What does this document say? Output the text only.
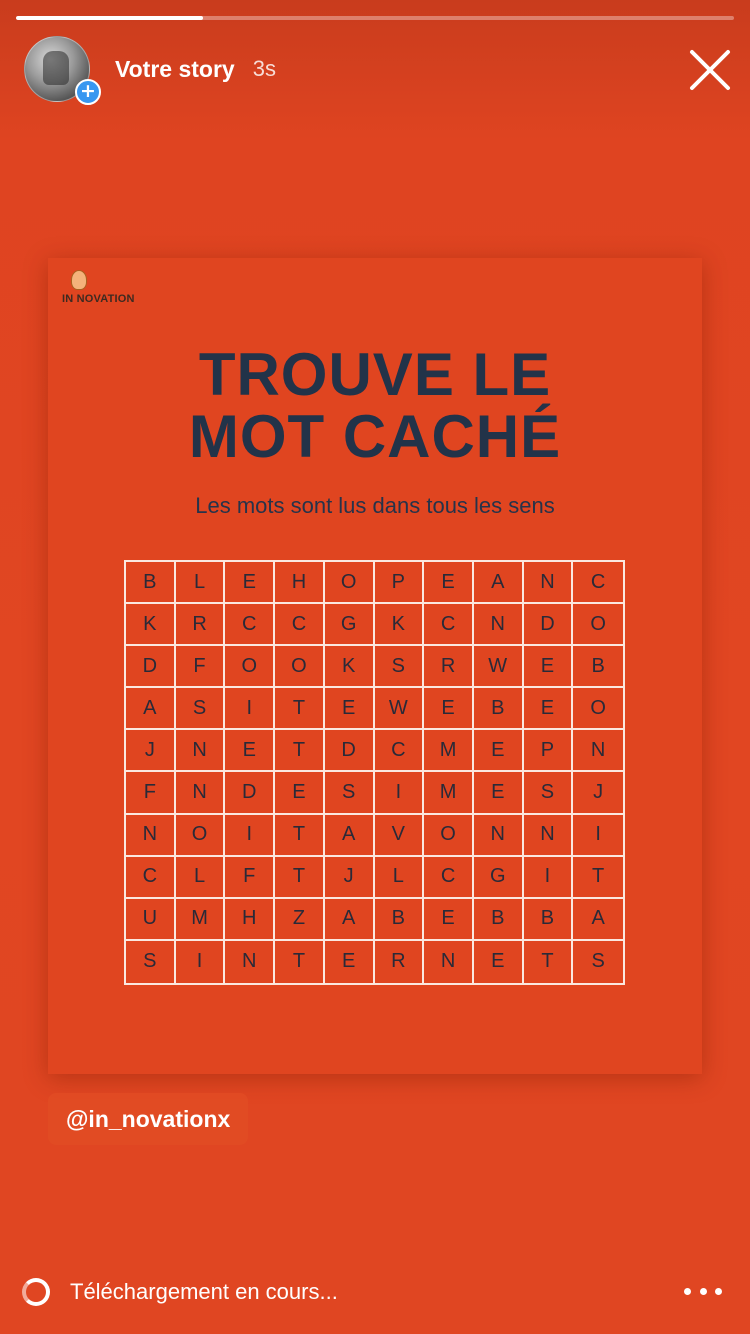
+
Votre story 3s
IN NOVATION
TROUVE LE
MOT CACHÉ
Les mots sont lus dans tous les sens
B	L	E	H	O	P	E	A	N	C
K	R	C	C	G	K	C	N	D	O
D	F	O	O	K	S	R	W	E	B
A	S	I	T	E	W	E	B	E	O
J	N	E	T	D	C	M	E	P	N
F	N	D	E	S	I	M	E	S	J
N	O	I	T	A	V	O	N	N	I
C	L	F	T	J	L	C	G	I	T
U	M	H	Z	A	B	E	B	B	A
S	I	N	T	E	R	N	E	T	S
@in_novationx
Téléchargement en cours...
